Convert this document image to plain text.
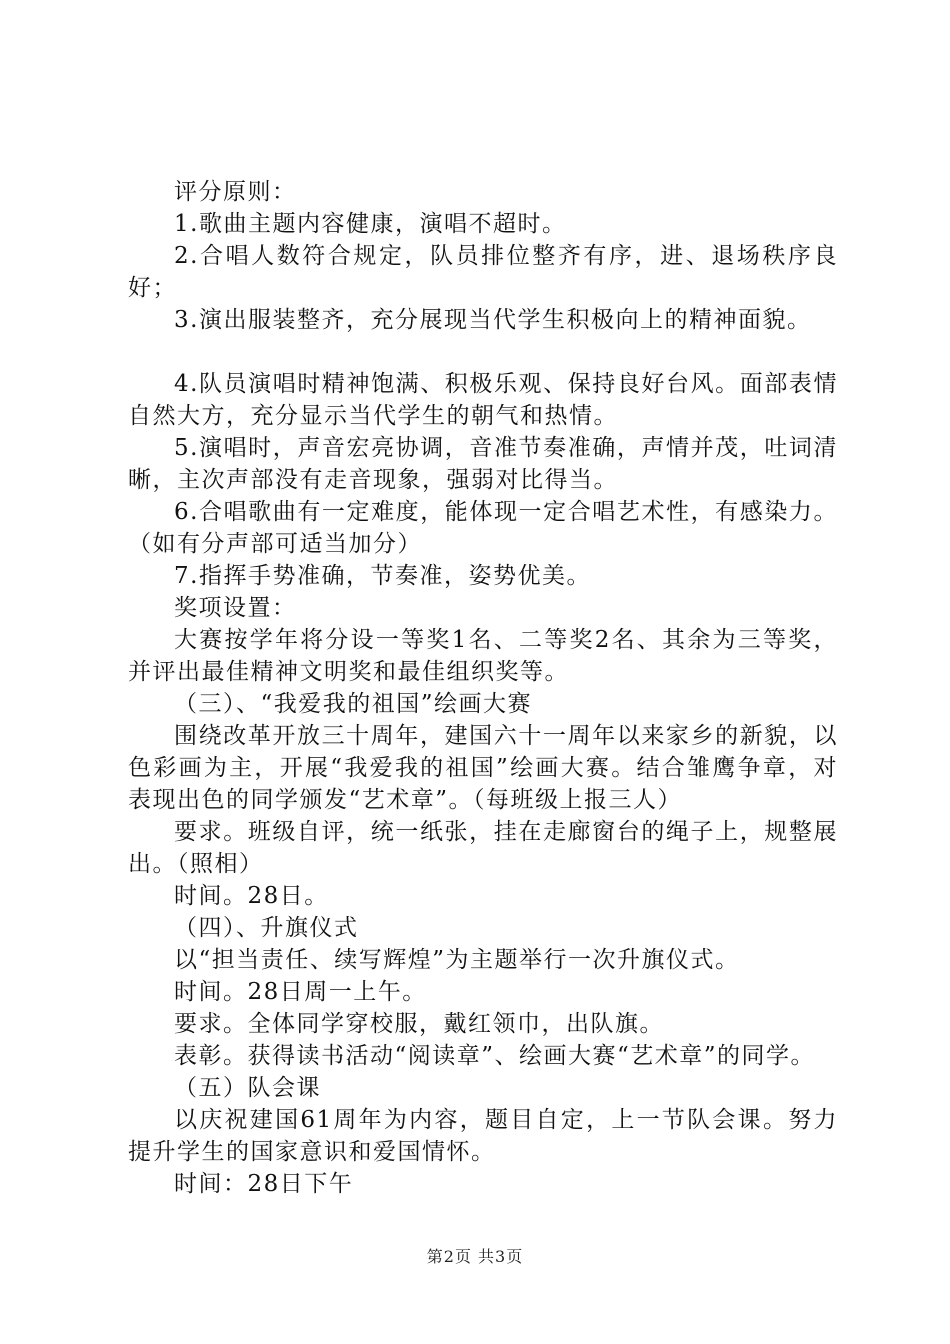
评分原则：

1.歌曲主题内容健康，演唱不超时。

2.合唱人数符合规定，队员排位整齐有序，进、退场秩序良好；

3.演出服装整齐，充分展现当代学生积极向上的精神面貌。

4.队员演唱时精神饱满、积极乐观、保持良好台风。面部表情自然大方，充分显示当代学生的朝气和热情。

5.演唱时，声音宏亮协调，音准节奏准确，声情并茂，吐词清晰，主次声部没有走音现象，强弱对比得当。

6.合唱歌曲有一定难度，能体现一定合唱艺术性，有感染力。（如有分声部可适当加分）

7.指挥手势准确，节奏准，姿势优美。

奖项设置：

大赛按学年将分设一等奖1名、二等奖2名、其余为三等奖，并评出最佳精神文明奖和最佳组织奖等。

（三）、“我爱我的祖国”绘画大赛

围绕改革开放三十周年，建国六十一周年以来家乡的新貌，以色彩画为主，开展“我爱我的祖国”绘画大赛。结合雏鹰争章，对表现出色的同学颁发“艺术章”。（每班级上报三人）

要求。班级自评，统一纸张，挂在走廊窗台的绳子上，规整展出。（照相）

时间。28日。

（四）、升旗仪式

以“担当责任、续写辉煌”为主题举行一次升旗仪式。

时间。28日周一上午。

要求。全体同学穿校服，戴红领巾，出队旗。

表彰。获得读书活动“阅读章”、绘画大赛“艺术章”的同学。

（五）队会课

以庆祝建国61周年为内容，题目自定，上一节队会课。努力提升学生的国家意识和爱国情怀。

时间：28日下午

第2页 共3页
